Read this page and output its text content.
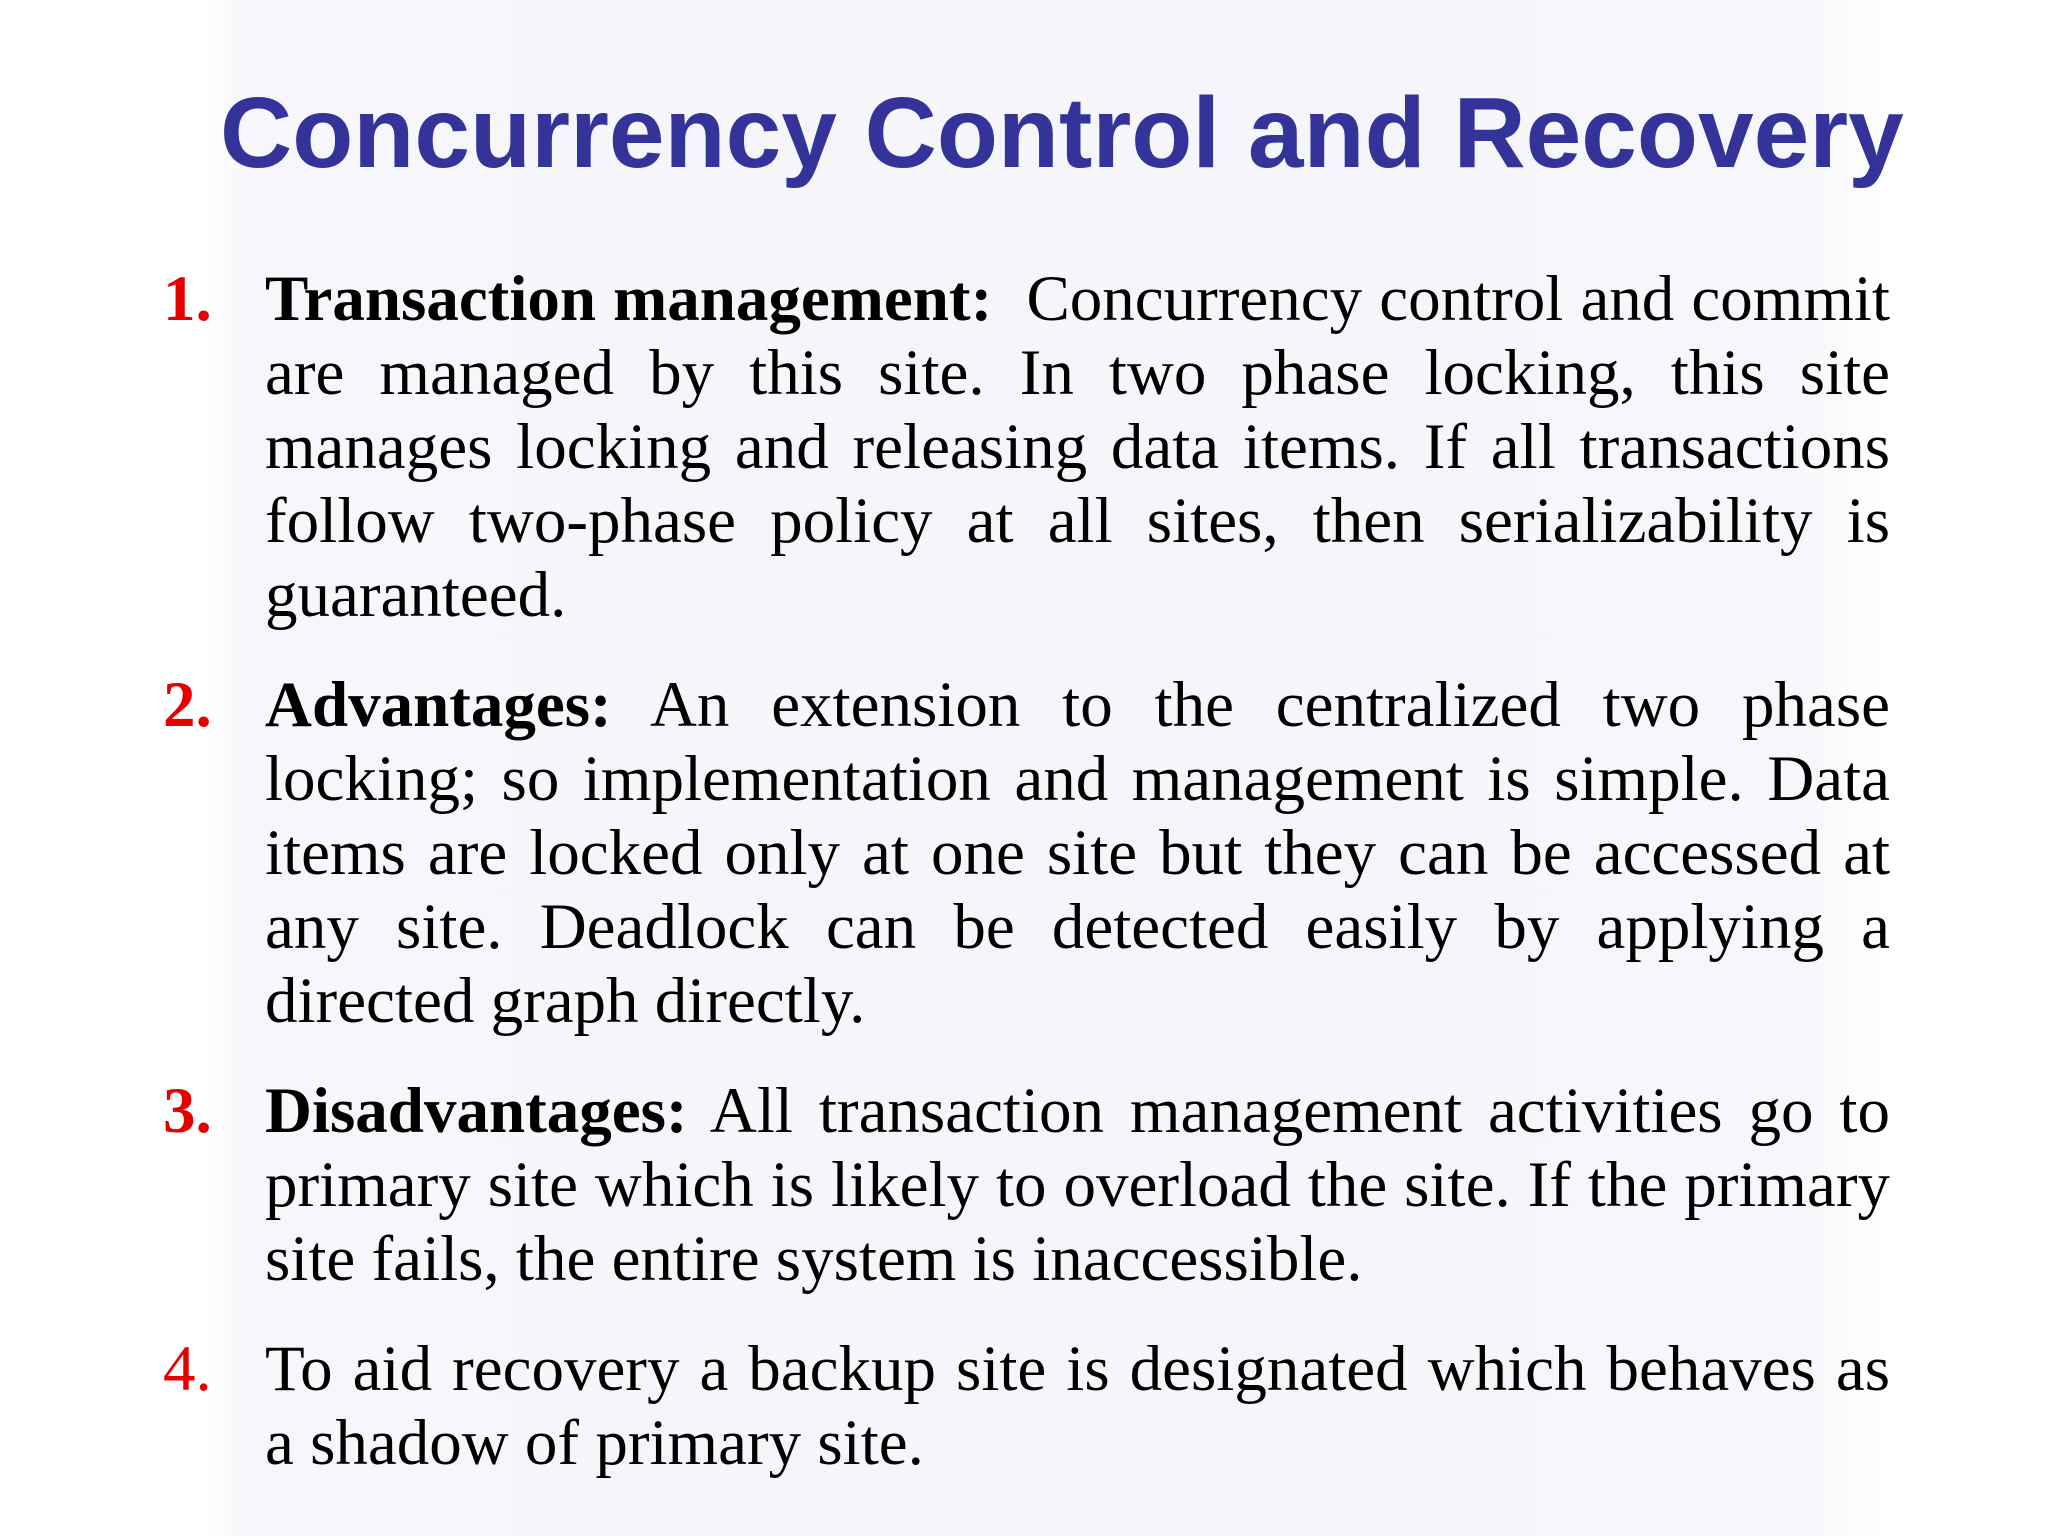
Concurrency Control and Recovery
1. Transaction management: Concurrency control and commit are managed by this site. In two phase locking, this site manages locking and releasing data items. If all transactions follow two-phase policy at all sites, then serializability is guaranteed.
2. Advantages: An extension to the centralized two phase locking; so implementation and management is simple. Data items are locked only at one site but they can be accessed at any site. Deadlock can be detected easily by applying a directed graph directly.
3. Disadvantages: All transaction management activities go to primary site which is likely to overload the site. If the primary site fails, the entire system is inaccessible.
4. To aid recovery a backup site is designated which behaves as a shadow of primary site.
